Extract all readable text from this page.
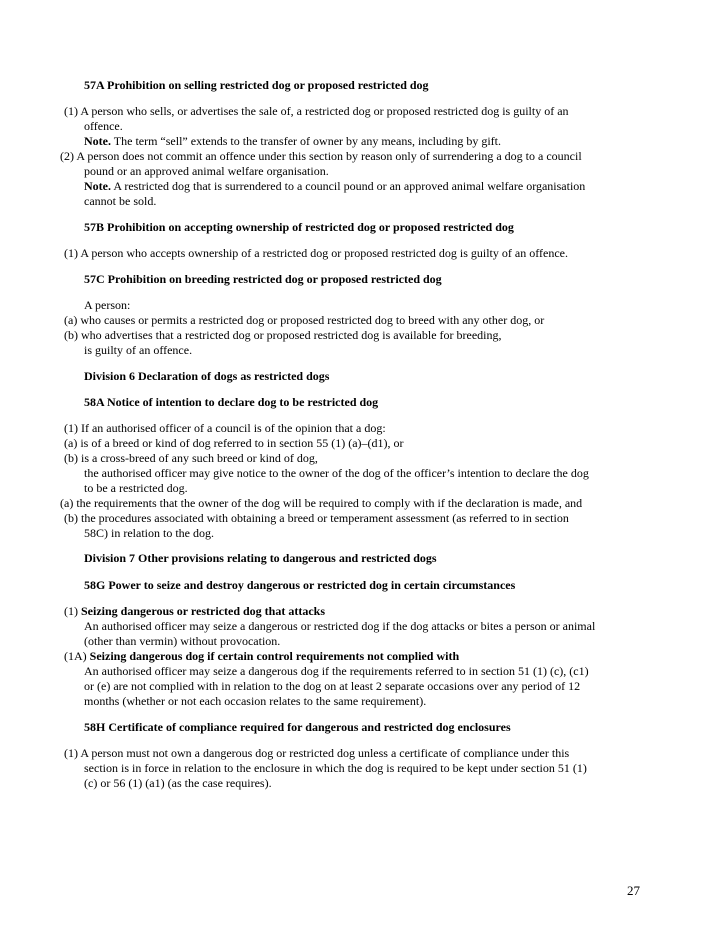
57A Prohibition on selling restricted dog or proposed restricted dog
(1) A person who sells, or advertises the sale of, a restricted dog or proposed restricted dog is guilty of an
offence.
Note. The term “sell” extends to the transfer of owner by any means, including by gift.
(2) A person does not commit an offence under this section by reason only of surrendering a dog to a council
pound or an approved animal welfare organisation.
Note. A restricted dog that is surrendered to a council pound or an approved animal welfare organisation
cannot be sold.
57B Prohibition on accepting ownership of restricted dog or proposed restricted dog
(1) A person who accepts ownership of a restricted dog or proposed restricted dog is guilty of an offence.
57C Prohibition on breeding restricted dog or proposed restricted dog
A person:
(a) who causes or permits a restricted dog or proposed restricted dog to breed with any other dog, or
(b) who advertises that a restricted dog or proposed restricted dog is available for breeding,
is guilty of an offence.
Division 6 Declaration of dogs as restricted dogs
58A Notice of intention to declare dog to be restricted dog
(1) If an authorised officer of a council is of the opinion that a dog:
(a) is of a breed or kind of dog referred to in section 55 (1) (a)–(d1), or
(b) is a cross-breed of any such breed or kind of dog,
the authorised officer may give notice to the owner of the dog of the officer’s intention to declare the dog
to be a restricted dog.
(a) the requirements that the owner of the dog will be required to comply with if the declaration is made, and
(b) the procedures associated with obtaining a breed or temperament assessment (as referred to in section
58C) in relation to the dog.
Division 7 Other provisions relating to dangerous and restricted dogs
58G Power to seize and destroy dangerous or restricted dog in certain circumstances
(1) Seizing dangerous or restricted dog that attacks
An authorised officer may seize a dangerous or restricted dog if the dog attacks or bites a person or animal
(other than vermin) without provocation.
(1A) Seizing dangerous dog if certain control requirements not complied with
An authorised officer may seize a dangerous dog if the requirements referred to in section 51 (1) (c), (c1)
or (e) are not complied with in relation to the dog on at least 2 separate occasions over any period of 12
months (whether or not each occasion relates to the same requirement).
58H Certificate of compliance required for dangerous and restricted dog enclosures
(1) A person must not own a dangerous dog or restricted dog unless a certificate of compliance under this
section is in force in relation to the enclosure in which the dog is required to be kept under section 51 (1)
(c) or 56 (1) (a1) (as the case requires).
27
